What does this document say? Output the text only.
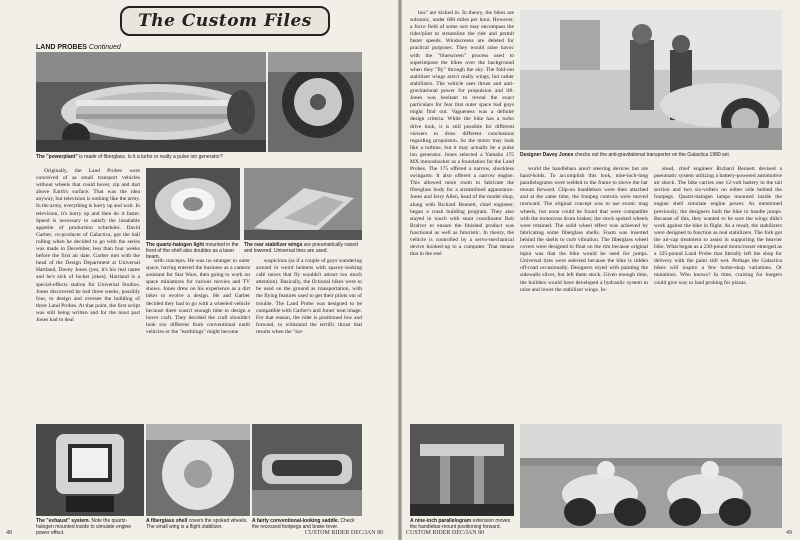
The Custom Files
LAND PROBES Continued
The "powerplant" is made of fiberglass. Is it a turbo or really a pulse ion generator?

Originally, the Land Probes were conceived of as small transport vehicles without wheels that could hover, zip and dart above Earth's surface. That was the idea anyway, but television is nothing like the army. In the army, everything is hurry up and wait. In television, it's hurry up and then do it faster. Speed is necessary to satisfy the insatiable appetite of production schedules. David Garber, co-producer of Galactica, got the ball rolling when he decided to go with the series was made in December, less than four weeks before the first air date. Garber met with the head of the Design Department at Universal Hartland, Davey Jones (yes, it's his real name and he's sick of locker jokes). Hartland is a special-effects station for Universal Studios. Jones discovered he had three weeks, possibly four, to design and oversee the building of three Land Probes. At that point, the first script was still being written and for the most part Jones had to deal

The quartz-halogen light mounted in the front of the shell also doubles as a laser beam.
The rear stabilizer wings are pneumatically raised and lowered. Universal tires are used.

with concepts. He was no stranger to outer space, having entered the business as a camera assistant for Star Wars, then going to work on space miniatures for various movies and TV shows. Jones drew on his experience as a dirt biker to evolve a design. He and Garber decided they had to go with a wheeled vehicle because there wasn't enough time to design a hover craft. They decided the craft shouldn't look too different from conventional earth vehicles or the "earthlings" might become

suspicious (as if a couple of guys wandering around in weird helmets with spacey-looking café racers that fly wouldn't attract too much attention). Basically, the fictional bikes were to be used on the ground as transportation, with the flying features used to get their pilots out of trouble. The Land Probe was designed to be compatible with Garber's and Jones' neat image. For that reason, the rider is positioned low and forward, to withstand the terrific thrust that results when the "tur-

The "exhaust" system. Note the quartz-halogen mounted inside to simulate engine power effect.
A fiberglass shell covers the spoked wheels. The small wing is a flight stabilizer.
A fairly conventional-looking saddle. Check the recessed footpegs and brake lever.
48	CUSTOM RIDER DEC/JAN 80

bos" are kicked in. In theory, the bikes are subsonic, under 600 miles per hour. However, a force field of some sort may encompass the rider/pilot to streamline the ride and permit faster speeds. Windscreens are deleted for practical purposes. They would raise havoc with the "bluescreen" process used to superimpose the bikes over the background when they "fly" through the sky. The fold-out stabilizer wings aren't really wings, but rather stabilizers. The vehicle uses thrust and anti-gravitational power for propulsion and lift. Jones was hesitant to reveal the exact particulars for fear that outer space bad guys might find out. Vagueness was a definite design criteria. While the bike has a turbo drive look, it is still possible for different viewers to draw different conclusions regarding propulsion. So the motor may look like a turbine, but it may actually be a pulse ion generator. Jones selected a Yamaha 175 MX monoshocker as a foundation for the Land Probes. The 175 offered a narrow, shockless swingarm. It also offered a narrow engine. This allowed more room to fabricate the fiberglass body for a streamlined appearance. Jones and Jerry Allen, head of the model shop, along with Richard Bennett, chief engineer, began a crash building program. They also stayed in touch with stunt coordinator Bob Bralver to ensure the finished product was functional as well as futuristic. In theory, the vehicle is controlled by a servo-mechanical device hooked-up to a computer. That means that in the reel

Designer Davey Jones checks out the anti-gravitational transporter on the Galactica 1980 set.

world the handlebars aren't steering devices but are hand-holds. To accomplish this look, nine-inch-long parallelograms were welded to the frame to shove the bar mount forward. Clip-on handlebars were then attached and at the same time, the footpeg controls were moved rearward. The original concept was to use exotic mag wheels, but none could be found that were compatible with the motocross drum brakes; the stock spoked wheels were retained. The solid wheel effect was achieved by fabricating some fiberglass shells. Foam was inserted behind the shells to curb vibration. The fiberglass wheel covers were designed to float on the rim because original input was that the bike would be used for jumps. Universal tires were selected because the bike is ridden off-road occasionally. Designers toyed with painting the sidewalls silver, but left them stock. Given enough time, the builders would have developed a hydraulic system to raise and lower the stabilizer wings. In-

stead, chief engineer Richard Bennett devised a pneumatic system utilizing a battery-powered automotive air shock. The bike carries one 12-volt battery in the tail section and two six-volters on either side behind the footpegs. Quartz-halogen lamps mounted inside the engine shell simulate engine power. As mentioned previously, the designers built the bike to handle jumps. Because of this, they wanted to be sure the wings didn't work against the bike in flight. As a result, the stabilizers were designed to function as real stabilizers. The fork got the air-cap treatment to assist in supporting the heavier bike. What began as a 230-pound motocrosser emerged as a 325-pound Land Probe that literally left the shop for delivery with the paint still wet. Perhaps the Galactica bikes will inspire a few home-shop variations. Or mutations. Who knows? In time, cruising for burgers could give way to land probing for pizzas.

A nine-inch parallelogram extension moves the handlebar-mount positioning forward.
CUSTOM RIDER DEC/JAN 80	49
